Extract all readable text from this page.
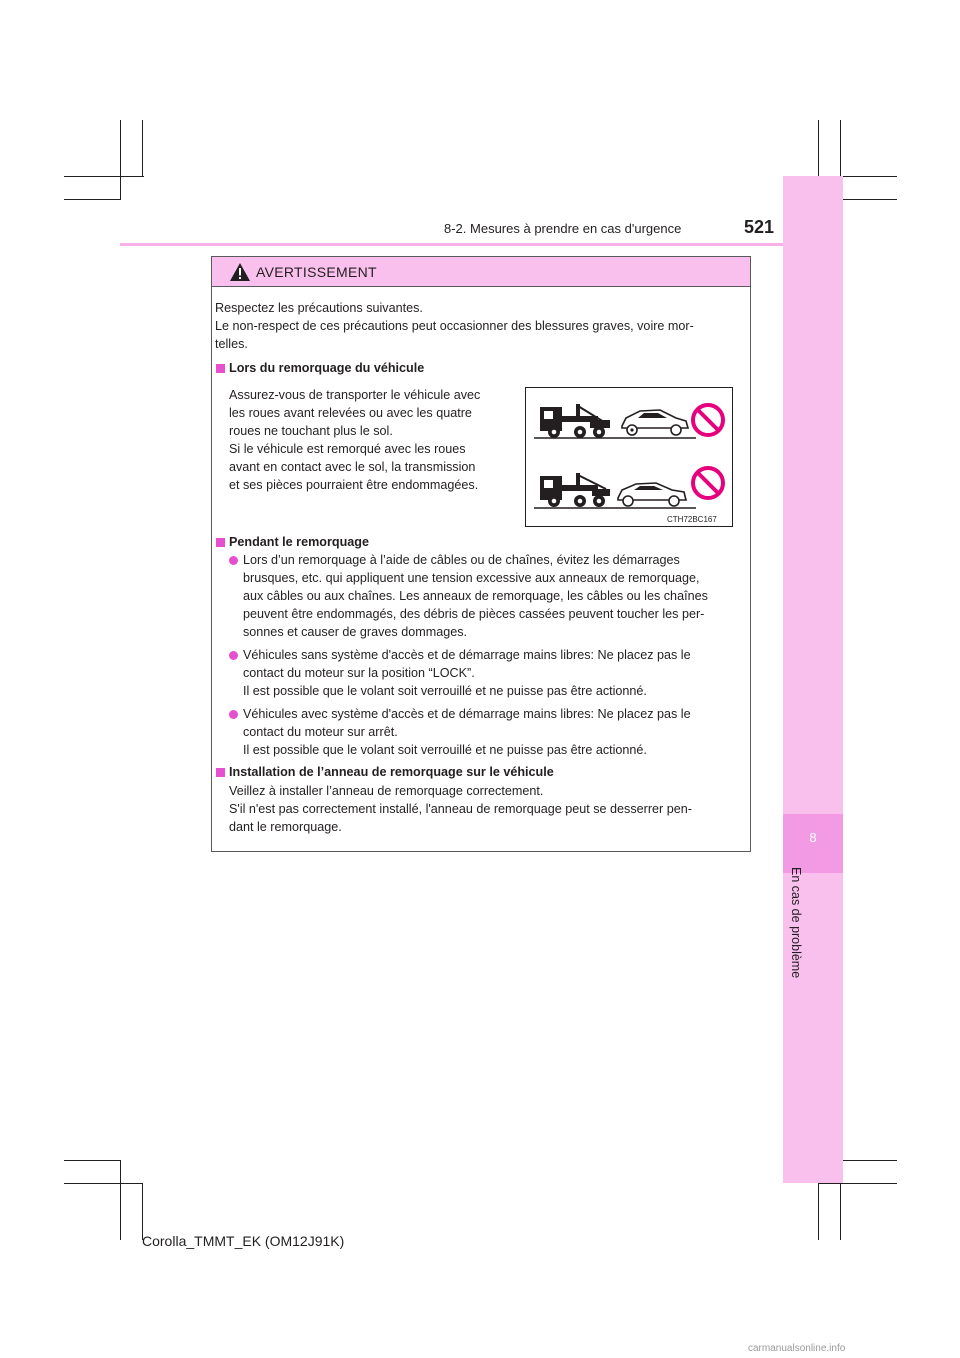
8
En cas de problème
8-2. Mesures à prendre en cas d'urgence	521
AVERTISSEMENT
Respectez les précautions suivantes.
Le non-respect de ces précautions peut occasionner des blessures graves, voire mor-
telles.
Lors du remorquage du véhicule
Assurez-vous de transporter le véhicule avec
les roues avant relevées ou avec les quatre
roues ne touchant plus le sol.
Si le véhicule est remorqué avec les roues
avant en contact avec le sol, la transmission
et ses pièces pourraient être endommagées.
CTH72BC167
Pendant le remorquage
Lors d’un remorquage à l’aide de câbles ou de chaînes, évitez les démarrages
brusques, etc. qui appliquent une tension excessive aux anneaux de remorquage,
aux câbles ou aux chaînes. Les anneaux de remorquage, les câbles ou les chaînes
peuvent être endommagés, des débris de pièces cassées peuvent toucher les per-
sonnes et causer de graves dommages.
Véhicules sans système d'accès et de démarrage mains libres: Ne placez pas le
contact du moteur sur la position “LOCK”.
Il est possible que le volant soit verrouillé et ne puisse pas être actionné.
Véhicules avec système d'accès et de démarrage mains libres: Ne placez pas le
contact du moteur sur arrêt.
Il est possible que le volant soit verrouillé et ne puisse pas être actionné.
Installation de l’anneau de remorquage sur le véhicule
Veillez à installer l’anneau de remorquage correctement.
S'il n'est pas correctement installé, l'anneau de remorquage peut se desserrer pen-
dant le remorquage.
Corolla_TMMT_EK (OM12J91K)
carmanualsonline.info
